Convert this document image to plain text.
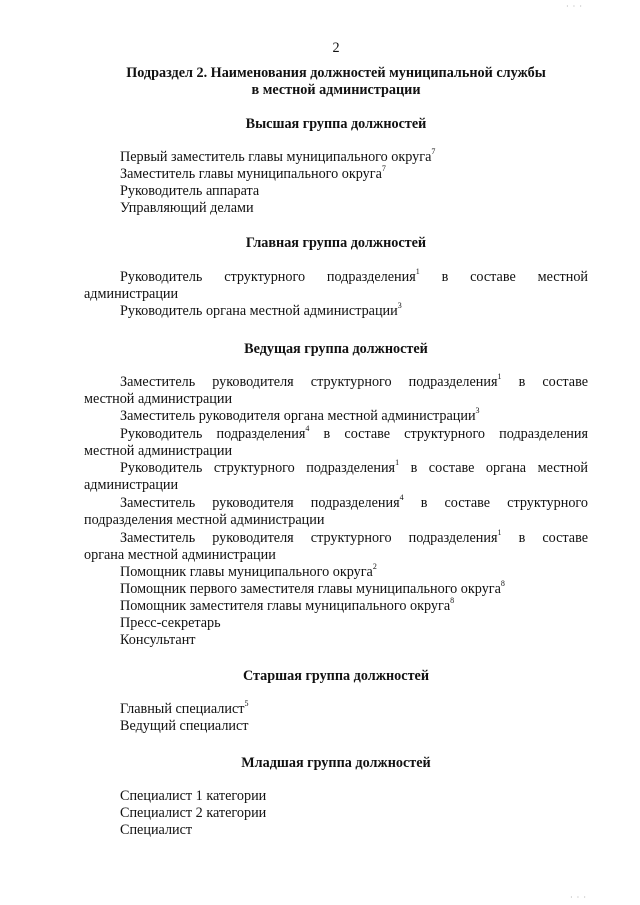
2
Подраздел 2. Наименования должностей муниципальной службы
в местной администрации
Высшая группа должностей
Первый заместитель главы муниципального округа$^7$
Заместитель главы муниципального округа$^7$
Руководитель аппарата
Управляющий делами
Главная группа должностей
Руководитель структурного подразделения$^1$ в составе местной
администрации
Руководитель органа местной администрации$^3$
Ведущая группа должностей
Заместитель руководителя структурного подразделения$^1$ в составе
местной администрации
Заместитель руководителя органа местной администрации$^3$
Руководитель подразделения$^4$ в составе структурного подразделения
местной администрации
Руководитель структурного подразделения$^1$ в составе органа местной
администрации
Заместитель руководителя подразделения$^4$ в составе структурного
подразделения местной администрации
Заместитель руководителя структурного подразделения$^1$ в составе
органа местной администрации
Помощник главы муниципального округа$^2$
Помощник первого заместителя главы муниципального округа$^8$
Помощник заместителя главы муниципального округа$^8$
Пресс-секретарь
Консультант
Старшая группа должностей
Главный специалист$^5$
Ведущий специалист
Младшая группа должностей
Специалист 1 категории
Специалист 2 категории
Специалист
· · ·
· · ·
